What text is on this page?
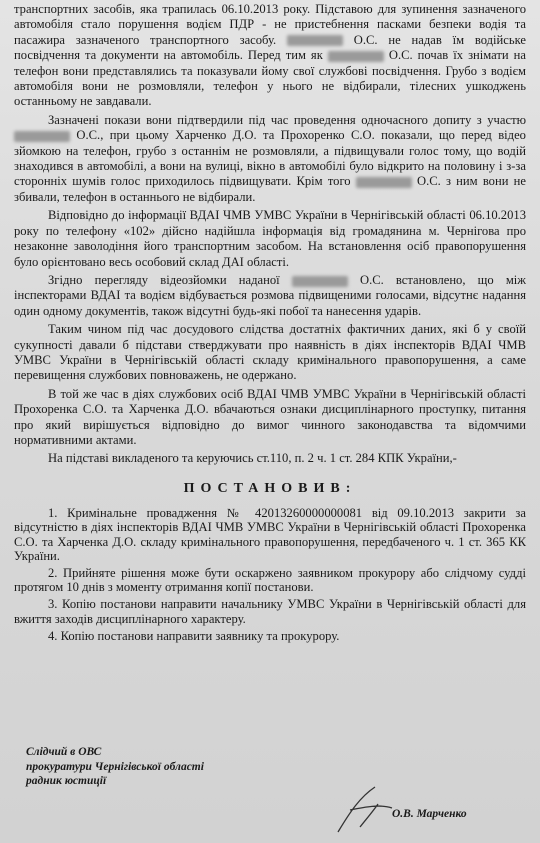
транспортних засобів, яка трапилась 06.10.2013 року. Підставою для зупинення зазначеного автомобіля стало порушення водієм ПДР - не пристебнення пасками безпеки водія та пасажира зазначеного транспортного засобу.	О.С. не надав їм водійське посвідчення та документи на автомобіль. Перед тим як	О.С. почав їх знімати на телефон вони представлялись та показували йому свої службові посвідчення. Грубо з водієм автомобіля вони не розмовляли, телефон у нього не відбирали, тілесних ушкоджень останньому не завдавали.

Зазначені покази вони підтвердили під час проведення одночасного допиту з участю  О.С., при цьому Харченко Д.О. та Прохоренко С.О. показали, що перед відео зйомкою на телефон, грубо з останнім не розмовляли, а підвищували голос тому, що водій знаходився в автомобілі, а вони на вулиці, вікно в автомобілі було відкрито на половину і з-за сторонніх шумів голос приходилось підвищувати. Крім того	О.С. з ним вони не збивали, телефон в останнього не відбирали.

Відповідно до інформації ВДАІ ЧМВ УМВС України в Чернігівській області 06.10.2013 року по телефону «102» дійсно надійшла інформація від громадянина м. Чернігова про незаконне заволодіння його транспортним засобом. На встановлення осіб правопорушення було орієнтовано весь особовий склад ДАІ області.

Згідно перегляду відеозйомки наданої	О.С. встановлено, що між інспекторами ВДАІ та водієм відбувається розмова підвищеними голосами, відсутнє надання один одному документів, також відсутні будь-які побої та нанесення ударів.

Таким чином під час досудового слідства достатніх фактичних даних, які б у своїй сукупності давали б підстави стверджувати про наявність в діях інспекторів ВДАІ ЧМВ УМВС України в Чернігівській області складу кримінального правопорушення, а саме перевищення службових повноважень, не одержано.

В той же час в діях службових осіб ВДАІ ЧМВ УМВС України в Чернігівській області Прохоренка С.О. та Харченка Д.О. вбачаються ознаки дисциплінарного проступку, питання про який вирішується відповідно до вимог чинного законодавства та відомчими нормативними актами.

На підставі викладеного та керуючись ст.110, п. 2 ч. 1 ст. 284 КПК України,-

ПОСТАНОВИВ:

1. Кримінальне провадження № 42013260000000081 від 09.10.2013 закрити за відсутністю в діях інспекторів ВДАІ ЧМВ УМВС України в Чернігівській області Прохоренка С.О. та Харченка Д.О. складу кримінального правопорушення, передбаченого ч. 1 ст. 365 КК України.

2. Прийняте рішення може бути оскаржено заявником прокурору або слідчому судді протягом 10 днів з моменту отримання копії постанови.

3. Копію постанови направити начальнику УМВС України в Чернігівській області для вжиття заходів дисциплінарного характеру.

4. Копію постанови направити заявнику та прокурору.

Слідчий в ОВС
прокуратури Чернігівської області
радник юстиції
О.В. Марченко
